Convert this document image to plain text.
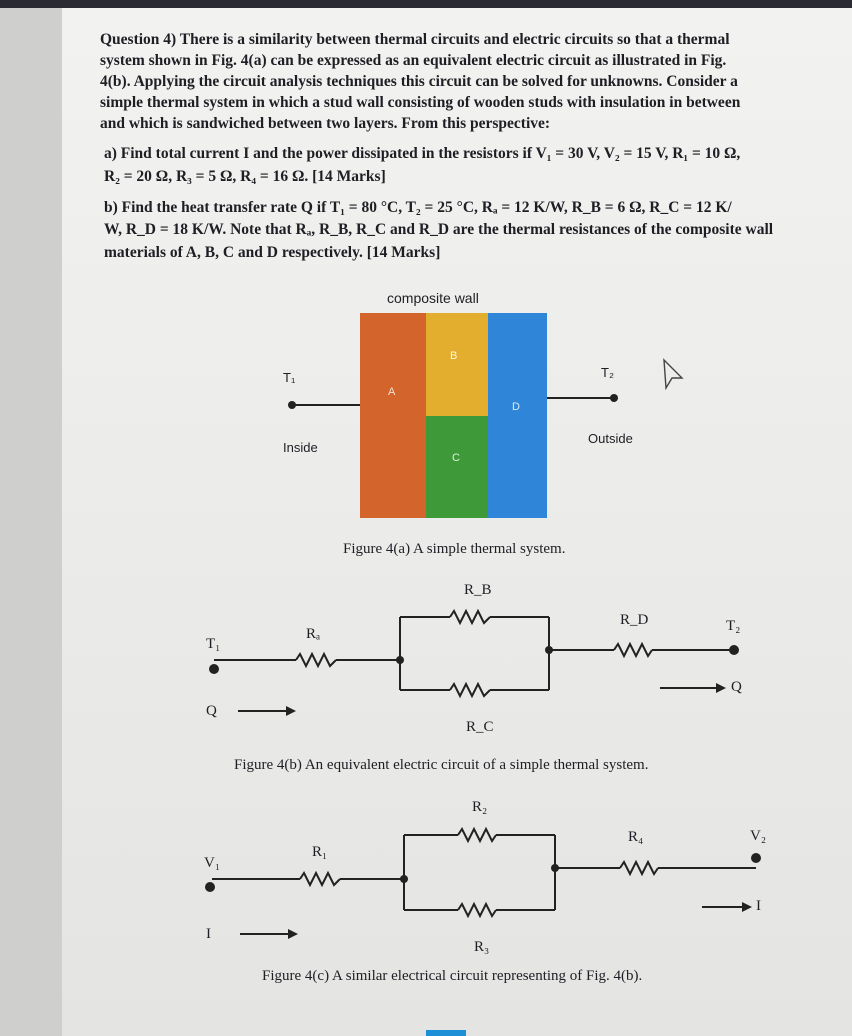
Question 4) There is a similarity between thermal circuits and electric circuits so that a thermal
system shown in Fig. 4(a) can be expressed as an equivalent electric circuit as illustrated in Fig.
4(b). Applying the circuit analysis techniques this circuit can be solved for unknowns. Consider a
simple thermal system in which a stud wall consisting of wooden studs with insulation in between
and which is sandwiched between two layers. From this perspective:
a) Find total current I and the power dissipated in the resistors if V₁ = 30 V, V₂ = 15 V, R₁ = 10 Ω,
R₂ = 20 Ω, R₃ = 5 Ω, R₄ = 16 Ω. [14 Marks]
b) Find the heat transfer rate Q if T₁ = 80 °C, T₂ = 25 °C, Rₐ = 12 K/W, R_B = 6 Ω, R_C = 12 K/
W, R_D = 18 K/W. Note that Rₐ, R_B, R_C and R_D are the thermal resistances of the composite wall
materials of A, B, C and D respectively. [14 Marks]
composite wall
T₁	T₂
Inside
Outside
A
B
C
D
Figure 4(a) A simple thermal system.
T₁
T₂
Rₐ
R_B
R_C
R_D
Q
Q
Figure 4(b) An equivalent electric circuit of a simple thermal system.
V₁
V₂
R₁
R₂
R₃
R₄
I
I
Figure 4(c) A similar electrical circuit representing of Fig. 4(b).
